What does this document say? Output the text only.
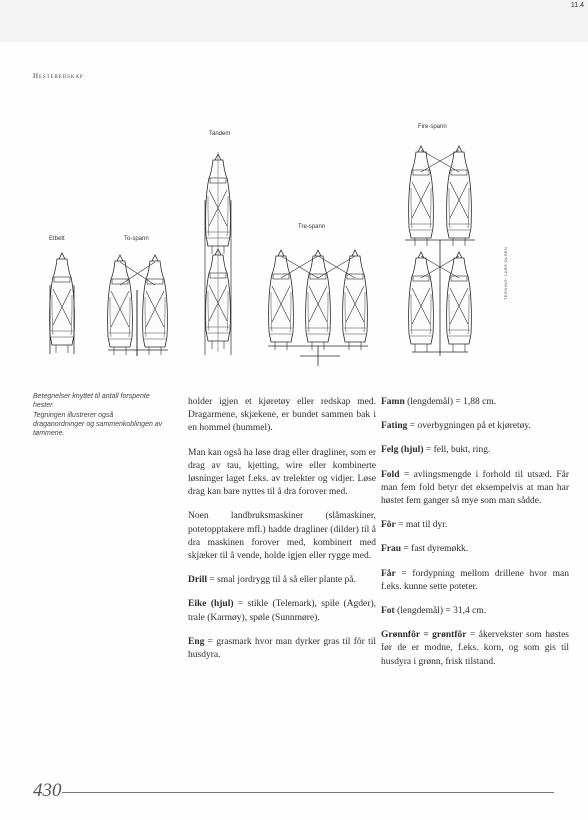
11.4
Hesteredskap
Etbett	To-spann
Tandem
Tre-spann
Fire-spann
TEGNING: LARS OLSEN

Betegnelser knyttet til antall forspente hester.

Tegningen illustrerer også draganordninger og sammenkoblingen av tømmene.

holder igjen et kjøretøy eller redskap med. Dragarmene, skjækene, er bundet sammen bak i en hommel (hummel).

Man kan også ha løse drag eller dragliner, som er drag av tau, kjetting, wire eller kombinerte løsninger laget f.eks. av trelekter og vidjer. Løse drag kan bare nyttes til å dra forover med.

Noen landbruksmaskiner (slåmaskiner, potetopptakere mfl.) hadde dragliner (dilder) til å dra maskinen forover med, kombinert med skjæker til å vende, holde igjen eller rygge med.

Drill = smal jordrygg til å så eller plante på.

Eike (hjul) = stikle (Telemark), spile (Agder), trale (Karmøy), spøle (Sunnmøre).

Eng = grasmark hvor man dyrker gras til fôr til husdyra.

Famn (lengdemål) = 1,88 cm.

Fating = overbygningen på et kjøretøy.

Felg (hjul) = fell, bukt, ring.

Fold = avlingsmengde i forhold til utsæd. Får man fem fold betyr det eksempelvis at man har høstet fem ganger så mye som man sådde.

Fôr = mat til dyr.

Frau = fast dyremøkk.

Får = fordypning mellom drillene hvor man f.eks. kunne sette poteter.

Fot (lengdemål) = 31,4 cm.

Grønnfôr = grøntfôr = åkervekster som høstes før de er modne, f.eks. korn, og som gis til husdyra i grønn, frisk tilstand.

430
